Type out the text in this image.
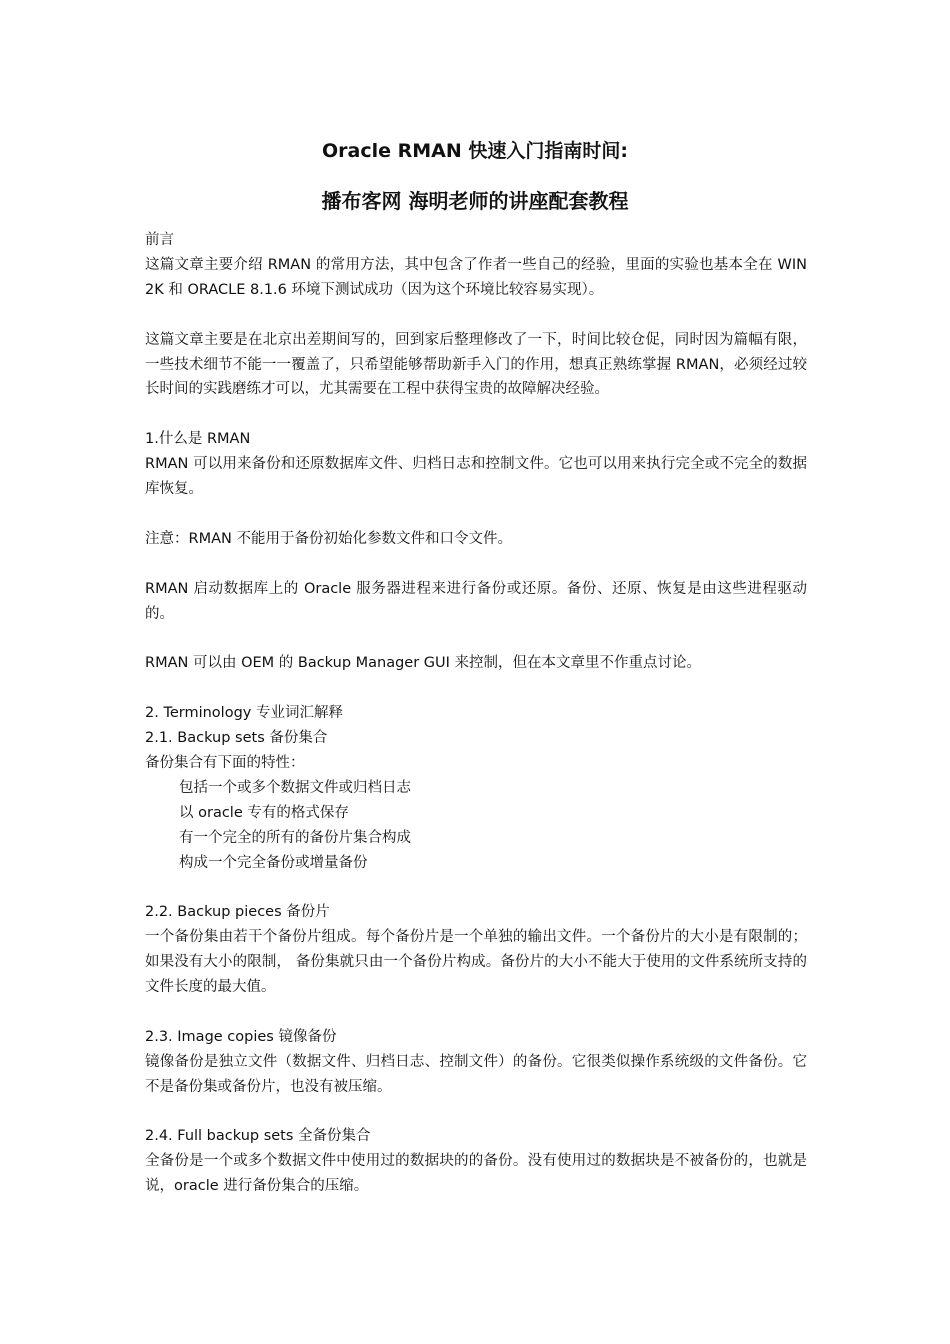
Oracle RMAN 快速入门指南时间:
播布客网 海明老师的讲座配套教程

前言

这篇文章主要介绍 RMAN 的常用方法，其中包含了作者一些自己的经验，里面的实验也基本全在 WIN 2K 和 ORACLE 8.1.6 环境下测试成功（因为这个环境比较容易实现）。

这篇文章主要是在北京出差期间写的，回到家后整理修改了一下，时间比较仓促，同时因为篇幅有限，一些技术细节不能一一覆盖了，只希望能够帮助新手入门的作用，想真正熟练掌握 RMAN，必须经过较长时间的实践磨练才可以，尤其需要在工程中获得宝贵的故障解决经验。

1.什么是 RMAN

RMAN 可以用来备份和还原数据库文件、归档日志和控制文件。它也可以用来执行完全或不完全的数据库恢复。

注意：RMAN 不能用于备份初始化参数文件和口令文件。

RMAN 启动数据库上的 Oracle 服务器进程来进行备份或还原。备份、还原、恢复是由这些进程驱动的。

RMAN 可以由 OEM 的 Backup Manager GUI 来控制，但在本文章里不作重点讨论。

2. Terminology 专业词汇解释

2.1. Backup sets 备份集合

备份集合有下面的特性：

包括一个或多个数据文件或归档日志

以 oracle 专有的格式保存

有一个完全的所有的备份片集合构成

构成一个完全备份或增量备份

2.2. Backup pieces 备份片

一个备份集由若干个备份片组成。每个备份片是一个单独的输出文件。一个备份片的大小是有限制的；如果没有大小的限制， 备份集就只由一个备份片构成。备份片的大小不能大于使用的文件系统所支持的文件长度的最大值。

2.3. Image copies 镜像备份

镜像备份是独立文件（数据文件、归档日志、控制文件）的备份。它很类似操作系统级的文件备份。它不是备份集或备份片，也没有被压缩。

2.4. Full backup sets 全备份集合

全备份是一个或多个数据文件中使用过的数据块的的备份。没有使用过的数据块是不被备份的，也就是说，oracle 进行备份集合的压缩。
